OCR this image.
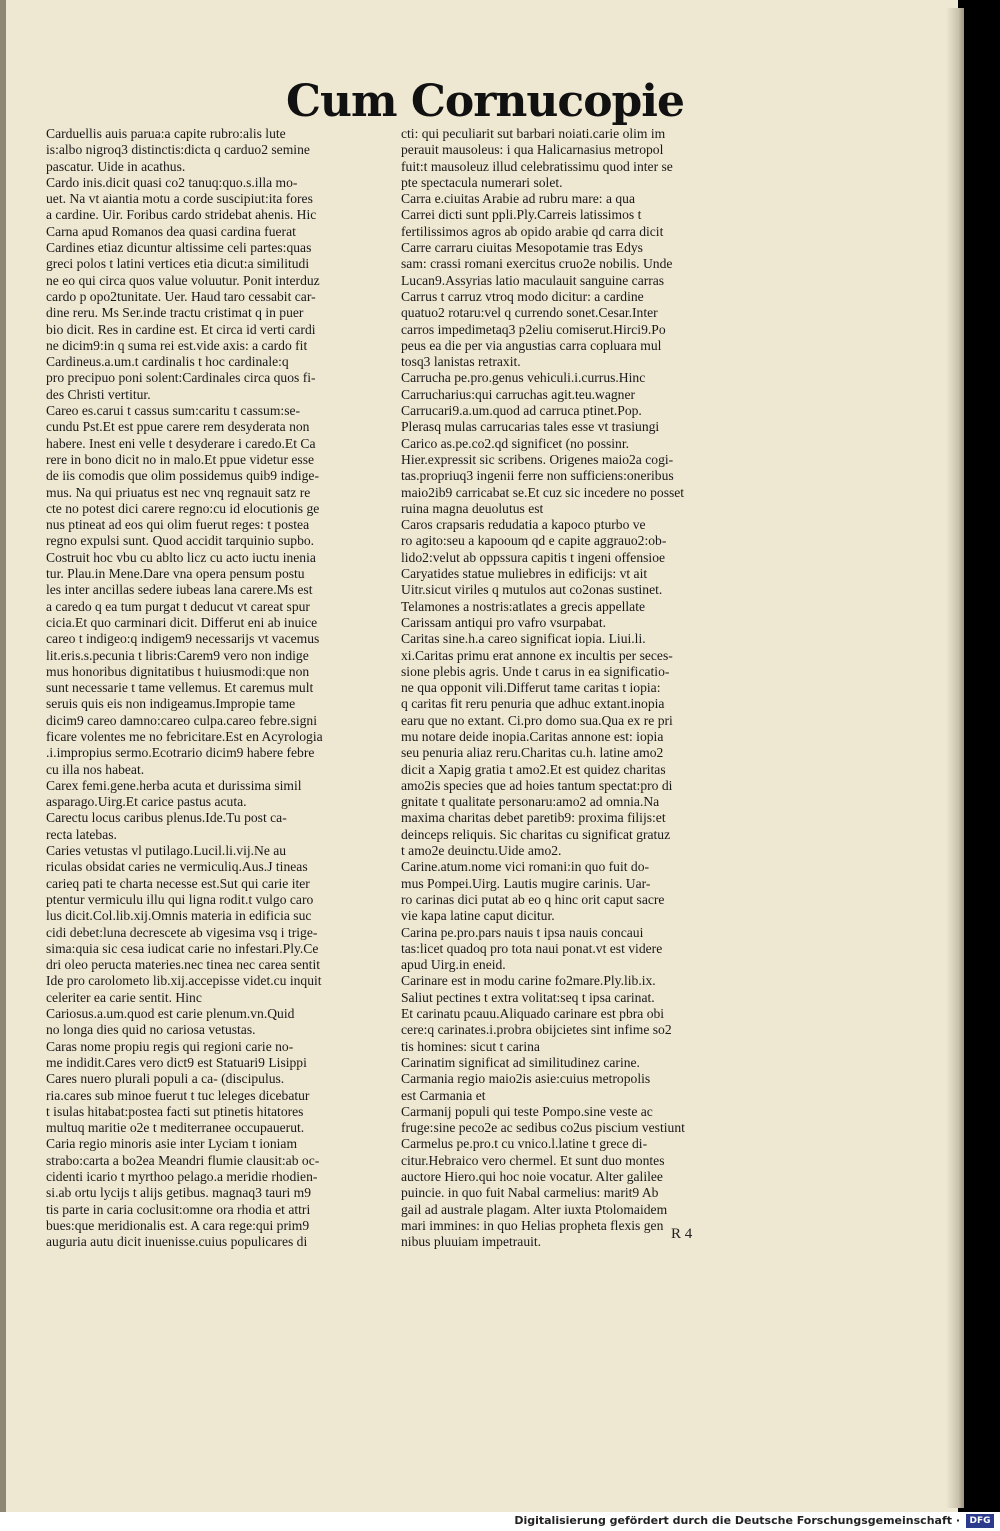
Cum Cornucopie
Carduellis auis parua:a capite rubro:alis lute
is:albo nigroq3 distinctis:dicta q carduo2 semine
pascatur. Uide in acathus.
Cardo inis.dicit quasi co2 tanuq:quo.s.illa mo-
uet. Na vt aiantia motu a corde suscipiut:ita fores
a cardine. Uir. Foribus cardo stridebat ahenis. Hic
Carna apud Romanos dea quasi cardina fuerat
Cardines etiaz dicuntur altissime celi partes:quas
greci polos t latini vertices etia dicut:a similitudi
ne eo qui circa quos value voluutur. Ponit interduz
cardo p opo2tunitate. Uer. Haud taro cessabit car-
dine reru. Ms Ser.inde tractu cristimat q in puer
bio dicit. Res in cardine est. Et circa id verti cardi
ne dicim9:in q suma rei est.vide axis: a cardo fit
Cardineus.a.um.t cardinalis t hoc cardinale:q
pro precipuo poni solent:Cardinales circa quos fi-
des Christi vertitur.
Careo es.carui t cassus sum:caritu t cassum:se-
cundu Pst.Et est ppue carere rem desyderata non
habere. Inest eni velle t desyderare i caredo.Et Ca
rere in bono dicit no in malo.Et ppue videtur esse
de iis comodis que olim possidemus quib9 indige-
mus. Na qui priuatus est nec vnq regnauit satz re
cte no potest dici carere regno:cu id elocutionis ge
nus ptineat ad eos qui olim fuerut reges: t postea
regno expulsi sunt. Quod accidit tarquinio supbo.
Costruit hoc vbu cu ablto licz cu acto iuctu inenia
tur. Plau.in Mene.Dare vna opera pensum postu
les inter ancillas sedere iubeas lana carere.Ms est
a caredo q ea tum purgat t deducut vt careat spur
cicia.Et quo carminari dicit. Differut eni ab inuice
careo t indigeo:q indigem9 necessarijs vt vacemus
lit.eris.s.pecunia t libris:Carem9 vero non indige
mus honoribus dignitatibus t huiusmodi:que non
sunt necessarie t tame vellemus. Et caremus mult
seruis quis eis non indigeamus.Impropie tame
dicim9 careo damno:careo culpa.careo febre.signi
ficare volentes me no febricitare.Est en Acyrologia
.i.impropius sermo.Ecotrario dicim9 habere febre
cu illa nos habeat.
Carex femi.gene.herba acuta et durissima simil
asparago.Uirg.Et carice pastus acuta.
Carectu locus caribus plenus.Ide.Tu post ca-
recta latebas.
Caries vetustas vl putilago.Lucil.li.vij.Ne au
riculas obsidat caries ne vermiculiq.Aus.J tineas
carieq pati te charta necesse est.Sut qui carie iter
ptentur vermiculu illu qui ligna rodit.t vulgo caro
lus dicit.Col.lib.xij.Omnis materia in edificia suc
cidi debet:luna decrescete ab vigesima vsq i trige-
sima:quia sic cesa iudicat carie no infestari.Ply.Ce
dri oleo peructa materies.nec tinea nec carea sentit
Ide pro carolometo lib.xij.accepisse videt.cu inquit
celeriter ea carie sentit. Hinc
Cariosus.a.um.quod est carie plenum.vn.Quid
no longa dies quid no cariosa vetustas.
Caras nome propiu regis qui regioni carie no-
me indidit.Cares vero dict9 est Statuari9 Lisippi
Cares nuero plurali populi a ca- (discipulus.
ria.cares sub minoe fuerut t tuc leleges dicebatur
t isulas hitabat:postea facti sut ptinetis hitatores
multuq maritie o2e t mediterranee occupauerut.
Caria regio minoris asie inter Lyciam t ioniam
strabo:carta a bo2ea Meandri flumie clausit:ab oc-
cidenti icario t myrthoo pelago.a meridie rhodien-
si.ab ortu lycijs t alijs getibus. magnaq3 tauri m9
tis parte in caria coclusit:omne ora rhodia et attri
bues:que meridionalis est. A cara rege:qui prim9
auguria autu dicit inuenisse.cuius populicares di
cti: qui peculiarit sut barbari noiati.carie olim im
perauit mausoleus: i qua Halicarnasius metropol
fuit:t mausoleuz illud celebratissimu quod inter se
pte spectacula numerari solet.
Carra e.ciuitas Arabie ad rubru mare: a qua
Carrei dicti sunt ppli.Ply.Carreis latissimos t
fertilissimos agros ab opido arabie qd carra dicit
Carre carraru ciuitas Mesopotamie tras Edys
sam: crassi romani exercitus cruo2e nobilis. Unde
Lucan9.Assyrias latio maculauit sanguine carras
Carrus t carruz vtroq modo dicitur: a cardine
quatuo2 rotaru:vel q currendo sonet.Cesar.Inter
carros impedimetaq3 p2eliu comiserut.Hirci9.Po
peus ea die per via angustias carra copluara mul
tosq3 lanistas retraxit.
Carrucha pe.pro.genus vehiculi.i.currus.Hinc
Carrucharius:qui carruchas agit.teu.wagner
Carrucari9.a.um.quod ad carruca ptinet.Pop.
Plerasq mulas carrucarias tales esse vt trasiungi
Carico as.pe.co2.qd significet (no possinr.
Hier.expressit sic scribens. Origenes maio2a cogi-
tas.propriuq3 ingenii ferre non sufficiens:oneribus
maio2ib9 carricabat se.Et cuz sic incedere no posset
ruina magna deuolutus est
Caros crapsaris redudatia a kapoco pturbo ve
ro agito:seu a kapooum qd e capite aggrauo2:ob-
lido2:velut ab oppssura capitis t ingeni offensioe
Caryatides statue muliebres in edificijs: vt ait
Uitr.sicut viriles q mutulos aut co2onas sustinet.
Telamones a nostris:atlates a grecis appellate
Carissam antiqui pro vafro vsurpabat.
Caritas sine.h.a careo significat iopia. Liui.li.
xi.Caritas primu erat annone ex incultis per seces-
sione plebis agris. Unde t carus in ea significatio-
ne qua opponit vili.Differut tame caritas t iopia:
q caritas fit reru penuria que adhuc extant.inopia
earu que no extant. Ci.pro domo sua.Qua ex re pri
mu notare deide inopia.Caritas annone est: iopia
seu penuria aliaz reru.Charitas cu.h. latine amo2
dicit a Xapig gratia t amo2.Et est quidez charitas
amo2is species que ad hoies tantum spectat:pro di
gnitate t qualitate personaru:amo2 ad omnia.Na
maxima charitas debet paretib9: proxima filijs:et
deinceps reliquis. Sic charitas cu significat gratuz
t amo2e deuinctu.Uide amo2.
Carine.atum.nome vici romani:in quo fuit do-
mus Pompei.Uirg. Lautis mugire carinis. Uar-
ro carinas dici putat ab eo q hinc orit caput sacre
vie kapa latine caput dicitur.
Carina pe.pro.pars nauis t ipsa nauis concaui
tas:licet quadoq pro tota naui ponat.vt est videre
apud Uirg.in eneid.
Carinare est in modu carine fo2mare.Ply.lib.ix.
Saliut pectines t extra volitat:seq t ipsa carinat.
Et carinatu pcauu.Aliquado carinare est pbra obi
cere:q carinates.i.probra obijcietes sint infime so2
tis homines: sicut t carina
Carinatim significat ad similitudinez carine.
Carmania regio maio2is asie:cuius metropolis
est Carmania et
Carmanij populi qui teste Pompo.sine veste ac
fruge:sine peco2e ac sedibus co2us piscium vestiunt
Carmelus pe.pro.t cu vnico.l.latine t grece di-
citur.Hebraico vero chermel. Et sunt duo montes
auctore Hiero.qui hoc noie vocatur. Alter galilee
puincie. in quo fuit Nabal carmelius: marit9 Ab
gail ad australe plagam. Alter iuxta Ptolomaidem
mari immines: in quo Helias propheta flexis gen
nibus pluuiam impetrauit.	R 4
Digitalisierung gefördert durch die Deutsche Forschungsgemeinschaft ·	DFG
